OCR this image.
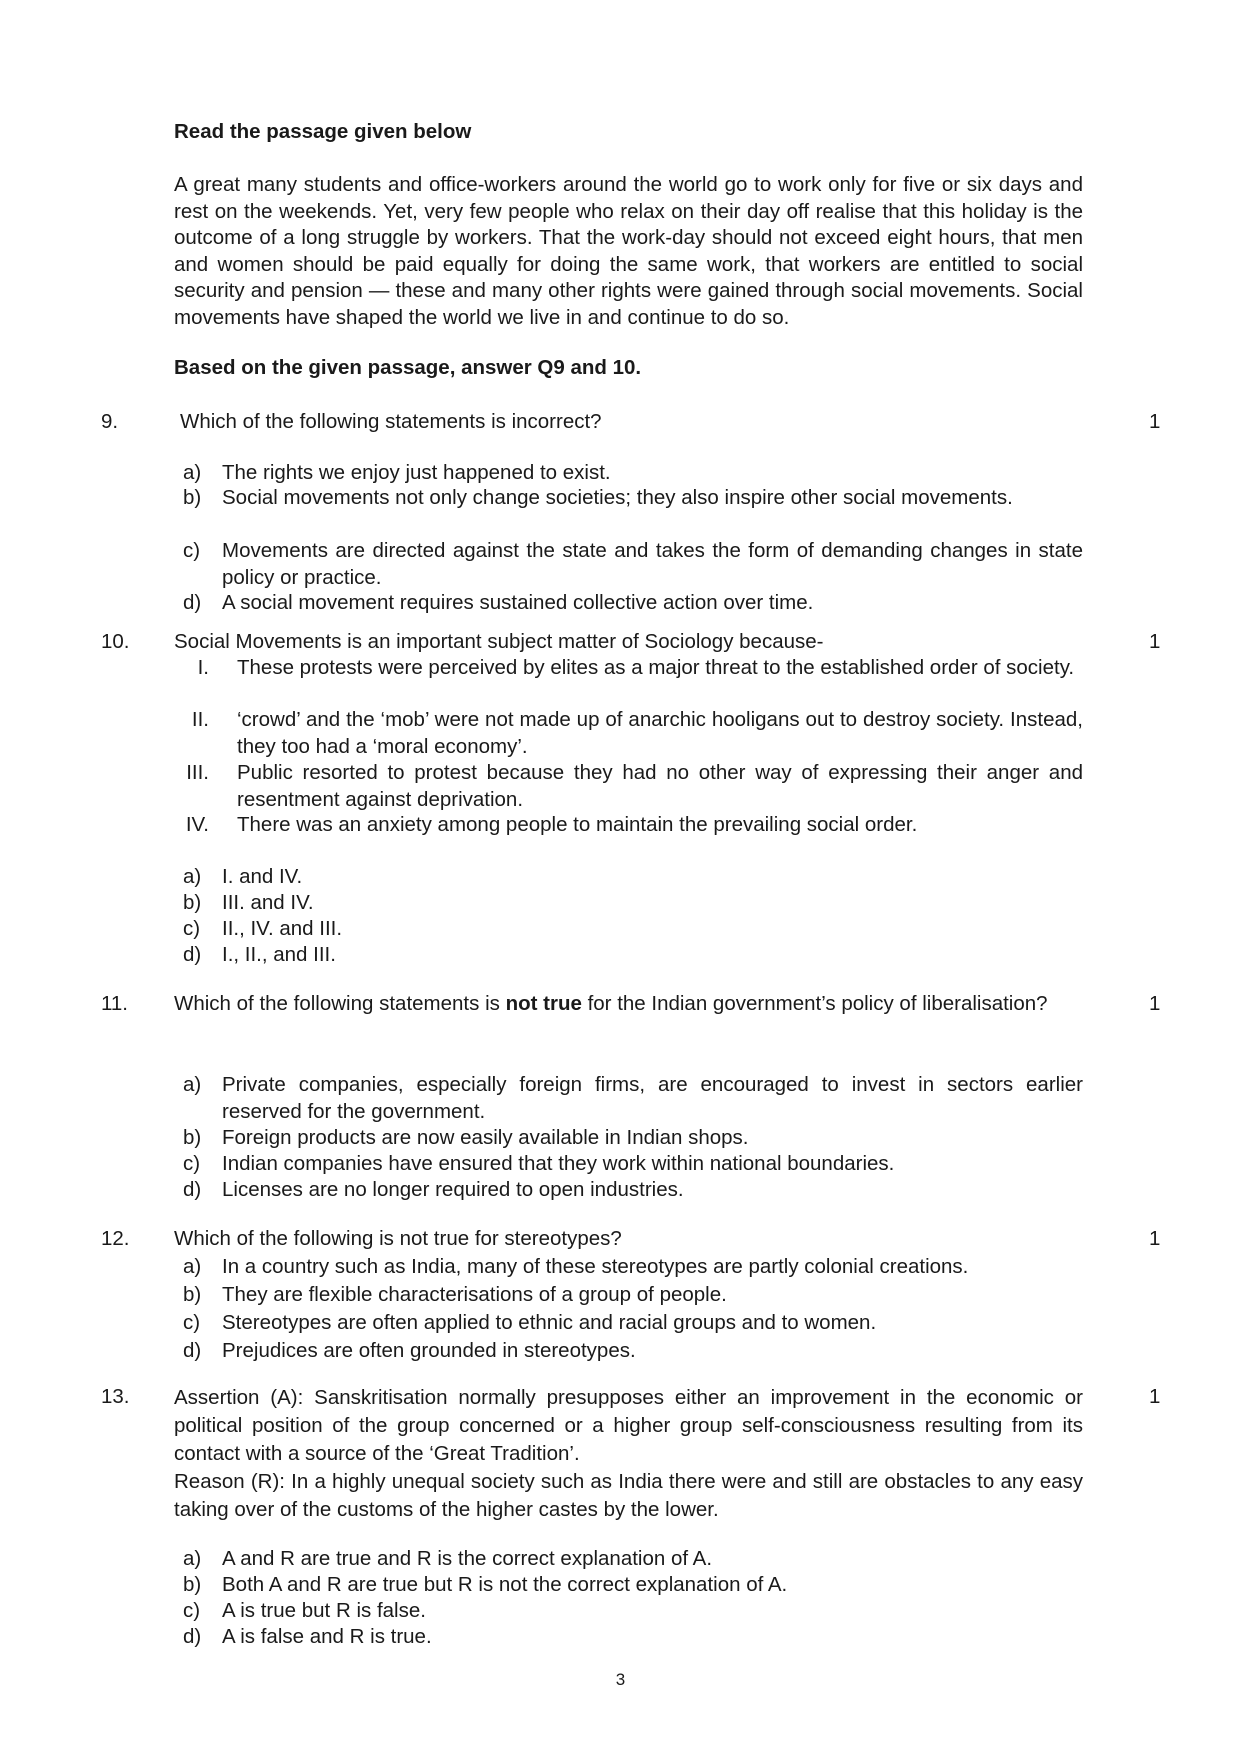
Read the passage given below
A great many students and office-workers around the world go to work only for five or six days and rest on the weekends. Yet, very few people who relax on their day off realise that this holiday is the outcome of a long struggle by workers. That the work-day should not exceed eight hours, that men and women should be paid equally for doing the same work, that workers are entitled to social security and pension — these and many other rights were gained through social movements. Social movements have shaped the world we live in and continue to do so.
Based on the given passage, answer Q9 and 10.
9.	Which of the following statements is incorrect?	1
a) The rights we enjoy just happened to exist.
b) Social movements not only change societies; they also inspire other social movements.
c) Movements are directed against the state and takes the form of demanding changes in state policy or practice.
d) A social movement requires sustained collective action over time.
10. Social Movements is an important subject matter of Sociology because-	1
I. These protests were perceived by elites as a major threat to the established order of society.
II. ‘crowd’ and the ‘mob’ were not made up of anarchic hooligans out to destroy society. Instead, they too had a ‘moral economy’.
III. Public resorted to protest because they had no other way of expressing their anger and resentment against deprivation.
IV. There was an anxiety among people to maintain the prevailing social order.
a) I. and IV.
b) III. and IV.
c) II., IV. and III.
d) I., II., and III.
11. Which of the following statements is not true for the Indian government’s policy of liberalisation?	1
a) Private companies, especially foreign firms, are encouraged to invest in sectors earlier reserved for the government.
b) Foreign products are now easily available in Indian shops.
c) Indian companies have ensured that they work within national boundaries.
d) Licenses are no longer required to open industries.
12. Which of the following is not true for stereotypes?	1
a) In a country such as India, many of these stereotypes are partly colonial creations.
b) They are flexible characterisations of a group of people.
c) Stereotypes are often applied to ethnic and racial groups and to women.
d) Prejudices are often grounded in stereotypes.
13. Assertion (A): Sanskritisation normally presupposes either an improvement in the economic or political position of the group concerned or a higher group self-consciousness resulting from its contact with a source of the ‘Great Tradition’.
Reason (R): In a highly unequal society such as India there were and still are obstacles to any easy taking over of the customs of the higher castes by the lower.
1
a) A and R are true and R is the correct explanation of A.
b) Both A and R are true but R is not the correct explanation of A.
c) A is true but R is false.
d) A is false and R is true.
3
